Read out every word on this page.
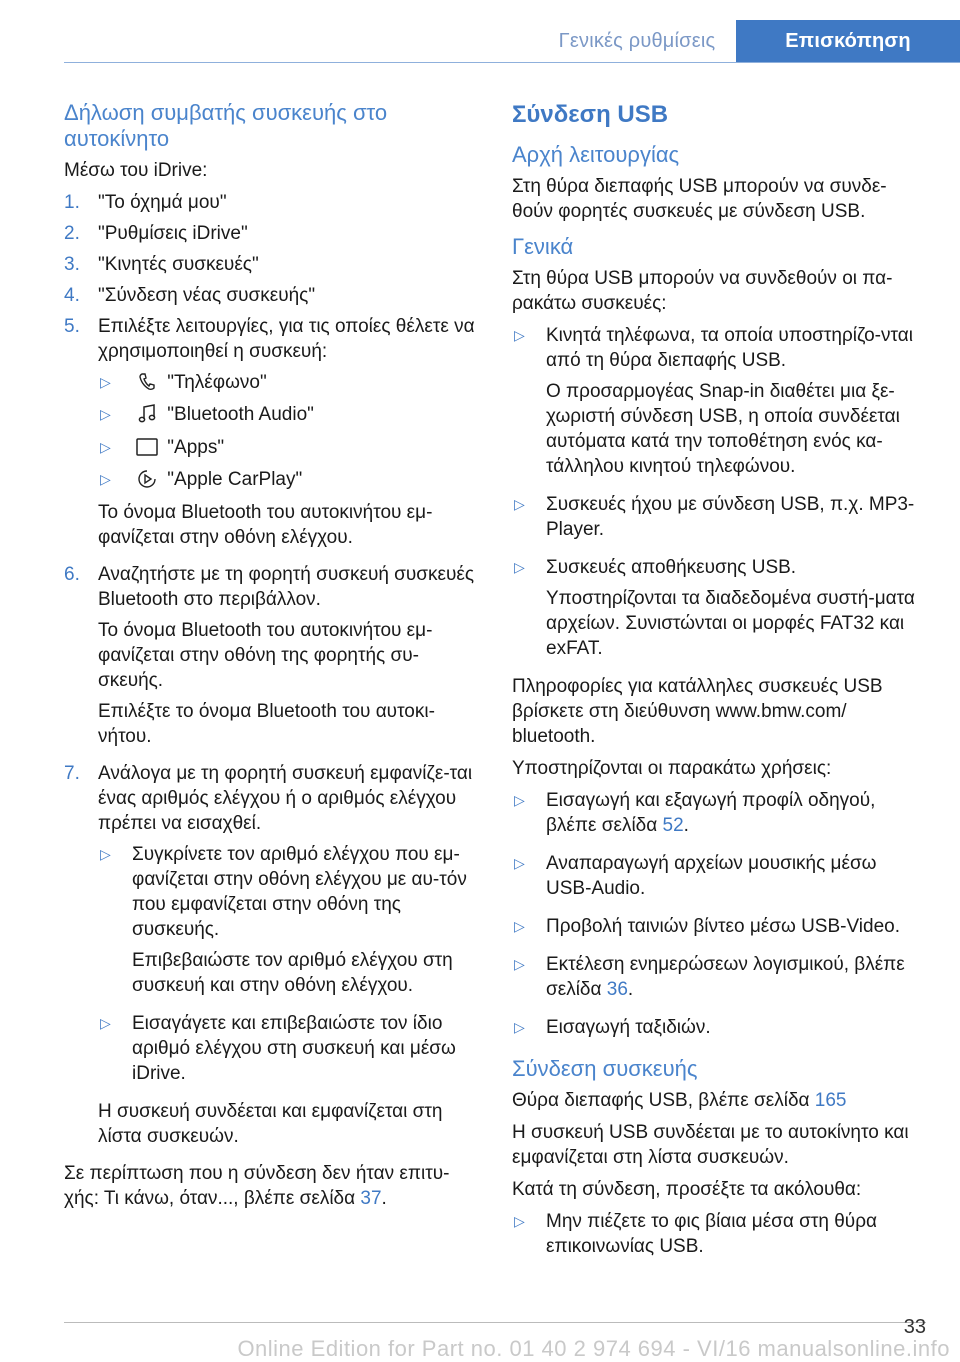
Γενικές ρυθμίσεις	Επισκόπηση
Δήλωση συμβατής συσκευής στο αυτοκίνητο

Μέσω του iDrive:

1. "Το όχημά μου"
2. "Ρυθμίσεις iDrive"
3. "Κινητές συσκευές"
4. "Σύνδεση νέας συσκευής"
5. Επιλέξτε λειτουργίες, για τις οποίες θέλετε να χρησιμοποιηθεί η συσκευή:

▷	"Τηλέφωνο"
▷	"Bluetooth Audio"
▷	"Apps"
▷	"Apple CarPlay"

Το όνομα Bluetooth του αυτοκινήτου εμ-φανίζεται στην οθόνη ελέγχου.

6. Αναζητήστε με τη φορητή συσκευή συσκευές Bluetooth στο περιβάλλον.

Το όνομα Bluetooth του αυτοκινήτου εμ-φανίζεται στην οθόνη της φορητής συ-σκευής.

Επιλέξτε το όνομα Bluetooth του αυτοκι-νήτου.

7. Ανάλογα με τη φορητή συσκευή εμφανίζε-ται ένας αριθμός ελέγχου ή ο αριθμός ελέγχου πρέπει να εισαχθεί.

▷	Συγκρίνετε τον αριθμό ελέγχου που εμ-φανίζεται στην οθόνη ελέγχου με αυ-τόν που εμφανίζεται στην οθόνη της συσκευής.

Επιβεβαιώστε τον αριθμό ελέγχου στη συσκευή και στην οθόνη ελέγχου.

▷	Εισαγάγετε και επιβεβαιώστε τον ίδιο αριθμό ελέγχου στη συσκευή και μέσω iDrive.

Η συσκευή συνδέεται και εμφανίζεται στη λίστα συσκευών.

Σε περίπτωση που η σύνδεση δεν ήταν επιτυ-χής: Τι κάνω, όταν..., βλέπε σελίδα 37.

Σύνδεση USB
Αρχή λειτουργίας

Στη θύρα διεπαφής USB μπορούν να συνδε-θούν φορητές συσκευές με σύνδεση USB.

Γενικά

Στη θύρα USB μπορούν να συνδεθούν οι πα-ρακάτω συσκευές:

▷	Κινητά τηλέφωνα, τα οποία υποστηρίζο-νται από τη θύρα διεπαφής USB.

Ο προσαρμογέας Snap-in διαθέτει μια ξε-χωριστή σύνδεση USB, η οποία συνδέεται αυτόματα κατά την τοποθέτηση ενός κα-τάλληλου κινητού τηλεφώνου.

▷	Συσκευές ήχου με σύνδεση USB, π.χ. MP3-Player.

▷	Συσκευές αποθήκευσης USB.

Υποστηρίζονται τα διαδεδομένα συστή-ματα αρχείων. Συνιστώνται οι μορφές FAT32 και exFAT.

Πληροφορίες για κατάλληλες συσκευές USB βρίσκετε στη διεύθυνση www.bmw.com/ bluetooth.

Υποστηρίζονται οι παρακάτω χρήσεις:

▷	Εισαγωγή και εξαγωγή προφίλ οδηγού, βλέπε σελίδα 52.

▷	Αναπαραγωγή αρχείων μουσικής μέσω USB-Audio.

▷	Προβολή ταινιών βίντεο μέσω USB-Video.

▷	Εκτέλεση ενημερώσεων λογισμικού, βλέπε σελίδα 36.

▷	Εισαγωγή ταξιδιών.

Σύνδεση συσκευής

Θύρα διεπαφής USB, βλέπε σελίδα 165

Η συσκευή USB συνδέεται με το αυτοκίνητο και εμφανίζεται στη λίστα συσκευών.

Κατά τη σύνδεση, προσέξτε τα ακόλουθα:

▷	Μην πιέζετε το φις βίαια μέσα στη θύρα επικοινωνίας USB.

33
Online Edition for Part no. 01 40 2 974 694 - VI/16 manualsonline.info
